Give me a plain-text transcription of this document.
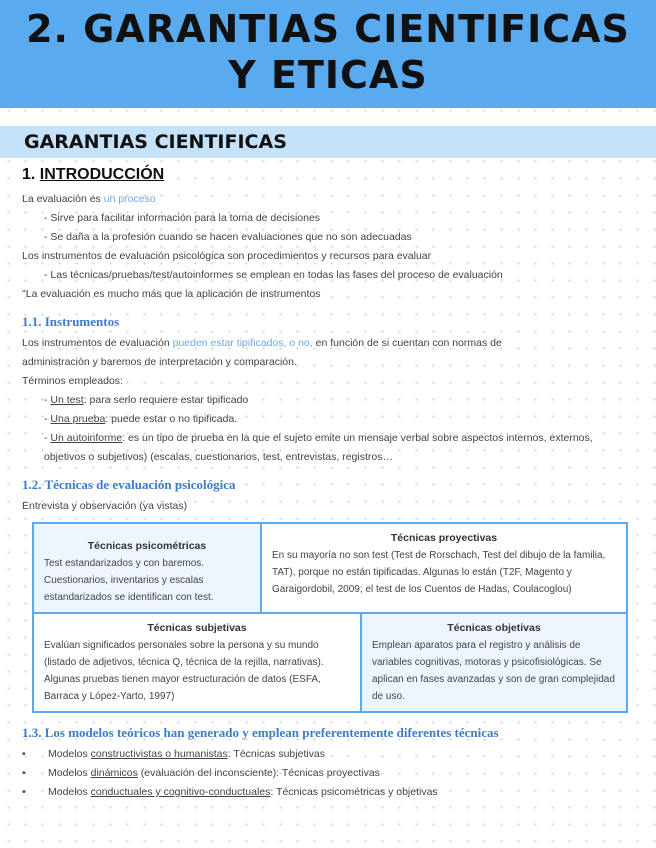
2. GARANTIAS CIENTIFICAS
Y ETICAS
GARANTIAS CIENTIFICAS
1. INTRODUCCIÓN
La evaluación es un proceso
- Sirve para facilitar información para la toma de decisiones
- Se daña a la profesión cuando se hacen evaluaciones que no son adecuadas
Los instrumentos de evaluación psicológica son procedimientos y recursos para evaluar
- Las técnicas/pruebas/test/autoinformes se emplean en todas las fases del proceso de evaluación
"La evaluación es mucho más que la aplicación de instrumentos
1.1. Instrumentos
Los instrumentos de evaluación pueden estar tipificados, o no, en función de si cuentan con normas de
administración y baremos de interpretación y comparación.
Términos empleados:
- Un test: para serlo requiere estar tipificado
- Una prueba: puede estar o no tipificada.
- Un autoinforme: es un tipo de prueba en la que el sujeto emite un mensaje verbal sobre aspectos internos, externos, objetivos o subjetivos) (escalas, cuestionarios, test, entrevistas, registros…
1.2. Técnicas de evaluación psicológica
Entrevista y observación (ya vistas)
Técnicas psicométricas
Test estandarizados y con baremos. Cuestionarios, inventarios y escalas estandarizados se identifican con test.
Técnicas proyectivas
En su mayoría no son test (Test de Rorschach, Test del dibujo de la familia, TAT), porque no están tipificadas. Algunas lo están (T2F, Magento y Garaigordobil, 2009; el test de los Cuentos de Hadas, Coulacoglou)
Técnicas subjetivas
Evalúan significados personales sobre la persona y su mundo (listado de adjetivos, técnica Q, técnica de la rejilla, narrativas). Algunas pruebas tienen mayor estructuración de datos (ESFA, Barraca y López-Yarto, 1997)
Técnicas objetivas
Emplean aparatos para el registro y análisis de variables cognitivas, motoras y psicofisiológicas. Se aplican en fases avanzadas y son de gran complejidad de uso.
1.3. Los modelos teóricos han generado y emplean preferentemente diferentes técnicas
•	Modelos constructivistas o humanistas: Técnicas subjetivas
•	Modelos dinámicos (evaluación del inconsciente): Técnicas proyectivas
•	Modelos conductuales y cognitivo-conductuales: Técnicas psicométricas y objetivas
